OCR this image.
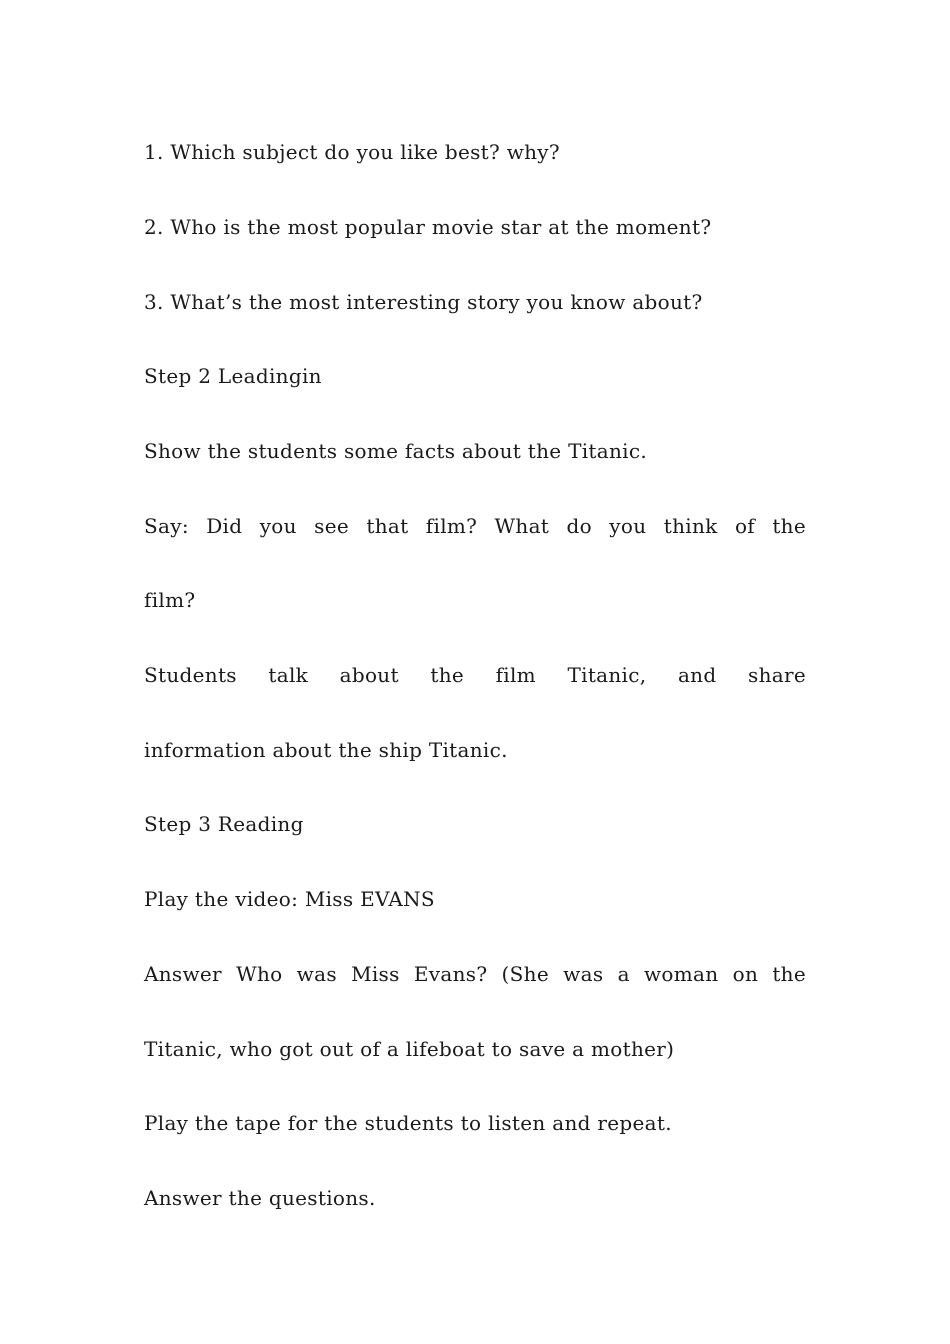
1. Which subject do you like best? why?
2. Who is the most popular movie star at the moment?
3. What’s the most interesting story you know about?
Step 2 Leadingin
Show the students some facts about the Titanic.
Say: Did you see that film? What do you think of the
film?
Students talk about the film Titanic, and share
information about the ship Titanic.
Step 3 Reading
Play the video: Miss EVANS
Answer Who was Miss Evans? (She was a woman on the
Titanic, who got out of a lifeboat to save a mother)
Play the tape for the students to listen and repeat.
Answer the questions.
